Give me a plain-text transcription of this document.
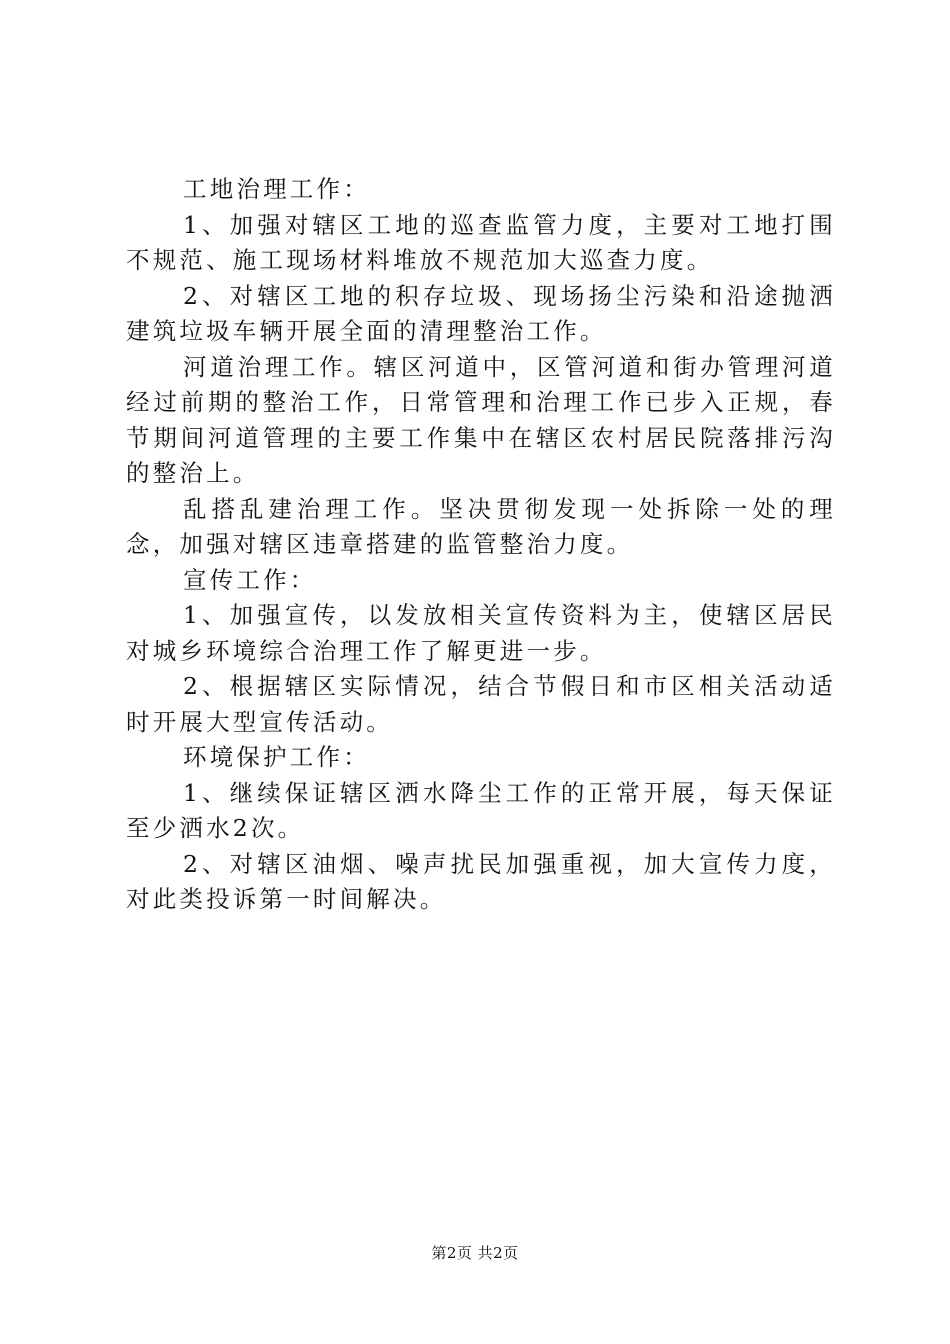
工地治理工作：

1、加强对辖区工地的巡查监管力度，主要对工地打围不规范、施工现场材料堆放不规范加大巡查力度。

2、对辖区工地的积存垃圾、现场扬尘污染和沿途抛洒建筑垃圾车辆开展全面的清理整治工作。

河道治理工作。辖区河道中，区管河道和街办管理河道经过前期的整治工作，日常管理和治理工作已步入正规，春节期间河道管理的主要工作集中在辖区农村居民院落排污沟的整治上。

乱搭乱建治理工作。坚决贯彻发现一处拆除一处的理念，加强对辖区违章搭建的监管整治力度。

宣传工作：

1、加强宣传，以发放相关宣传资料为主，使辖区居民对城乡环境综合治理工作了解更进一步。

2、根据辖区实际情况，结合节假日和市区相关活动适时开展大型宣传活动。

环境保护工作：

1、继续保证辖区洒水降尘工作的正常开展，每天保证至少洒水2次。

2、对辖区油烟、噪声扰民加强重视，加大宣传力度，对此类投诉第一时间解决。

第2页 共2页
